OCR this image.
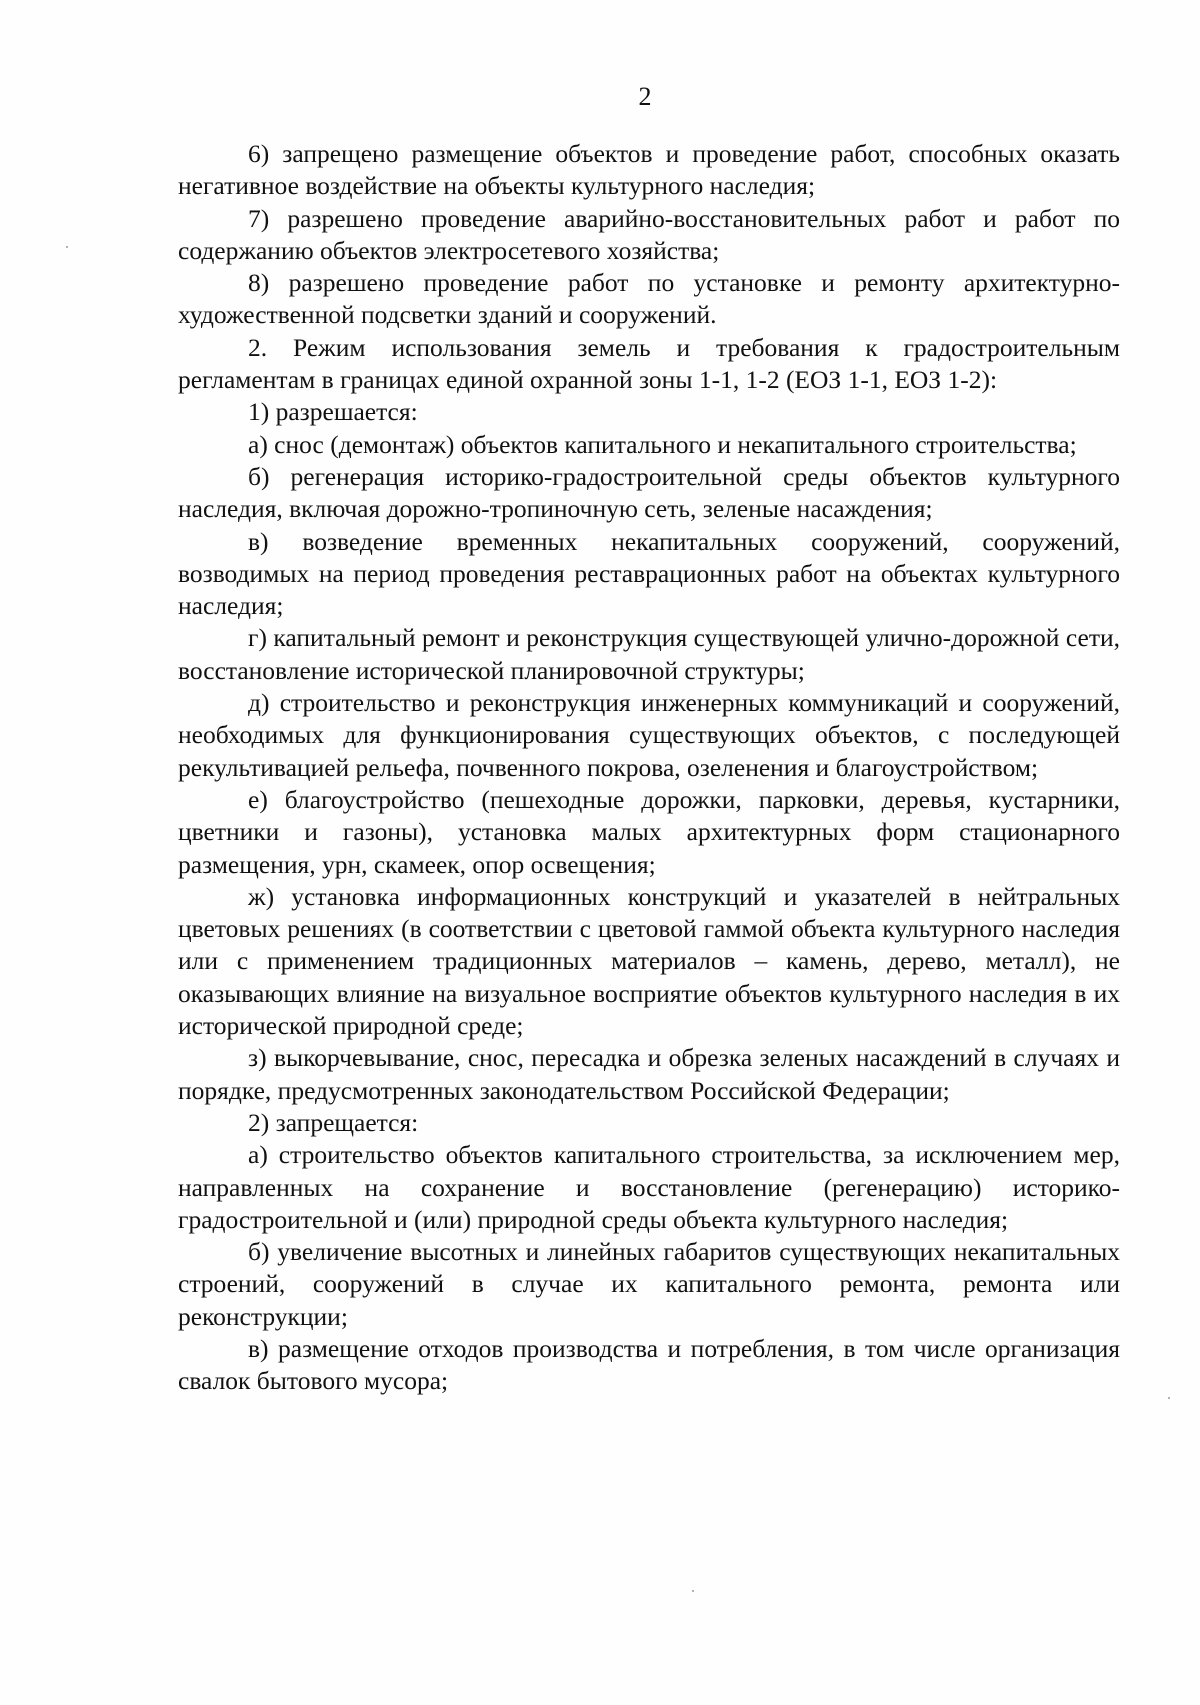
2

6) запрещено размещение объектов и проведение работ, способных оказать негативное воздействие на объекты культурного наследия;

7) разрешено проведение аварийно-восстановительных работ и работ по содержанию объектов электросетевого хозяйства;

8) разрешено проведение работ по установке и ремонту архитектурно-художественной подсветки зданий и сооружений.

2. Режим использования земель и требования к градостроительным регламентам в границах единой охранной зоны 1-1, 1-2 (ЕОЗ 1-1, ЕОЗ 1-2):

1) разрешается:

а) снос (демонтаж) объектов капитального и некапитального строительства;

б) регенерация историко-градостроительной среды объектов культурного наследия, включая дорожно-тропиночную сеть, зеленые насаждения;

в) возведение временных некапитальных сооружений, сооружений, возводимых на период проведения реставрационных работ на объектах культурного наследия;

г) капитальный ремонт и реконструкция существующей улично-дорожной сети, восстановление исторической планировочной структуры;

д) строительство и реконструкция инженерных коммуникаций и сооружений, необходимых для функционирования существующих объектов, с последующей рекультивацией рельефа, почвенного покрова, озеленения и благоустройством;

е) благоустройство (пешеходные дорожки, парковки, деревья, кустарники, цветники и газоны), установка малых архитектурных форм стационарного размещения, урн, скамеек, опор освещения;

ж) установка информационных конструкций и указателей в нейтральных цветовых решениях (в соответствии с цветовой гаммой объекта культурного наследия или с применением традиционных материалов – камень, дерево, металл), не оказывающих влияние на визуальное восприятие объектов культурного наследия в их исторической природной среде;

з) выкорчевывание, снос, пересадка и обрезка зеленых насаждений в случаях и порядке, предусмотренных законодательством Российской Федерации;

2) запрещается:

а) строительство объектов капитального строительства, за исключением мер, направленных на сохранение и восстановление (регенерацию) историко-градостроительной и (или) природной среды объекта культурного наследия;

б) увеличение высотных и линейных габаритов существующих некапитальных строений, сооружений в случае их капитального ремонта, ремонта или реконструкции;

в) размещение отходов производства и потребления, в том числе организация свалок бытового мусора;
